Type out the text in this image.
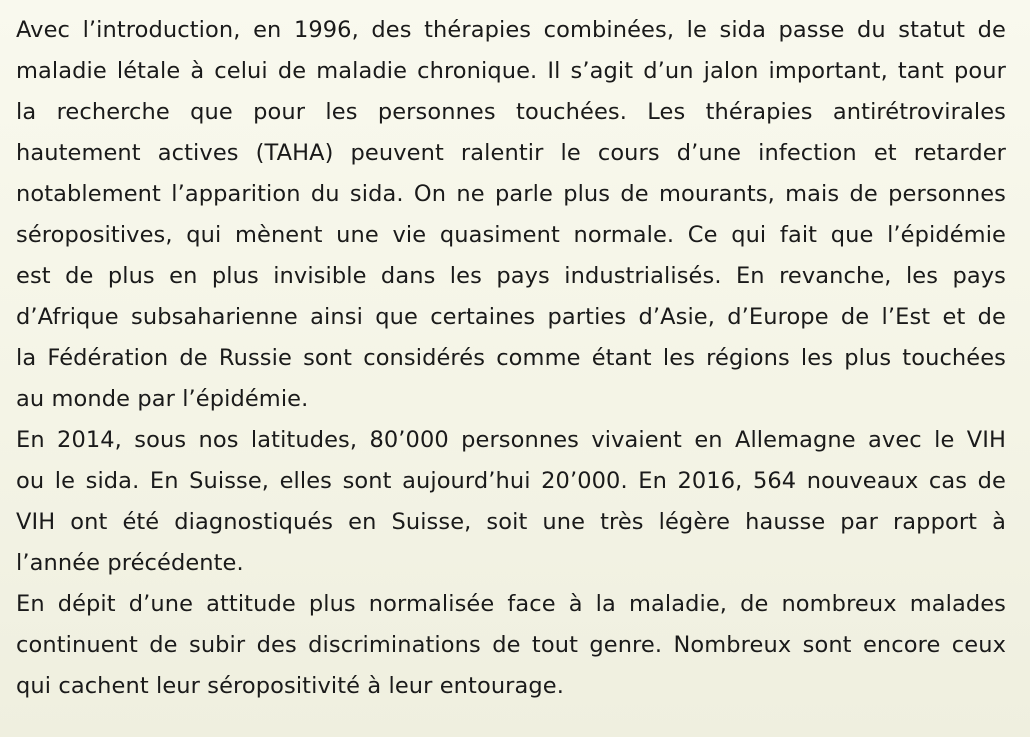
Avec l’introduction, en 1996, des thérapies combinées, le sida passe du statut de
maladie létale à celui de maladie chronique. Il s’agit d’un jalon important, tant pour
la recherche que pour les personnes touchées. Les thérapies antirétrovirales
hautement actives (TAHA) peuvent ralentir le cours d’une infection et retarder
notablement l’apparition du sida. On ne parle plus de mourants, mais de personnes
séropositives, qui mènent une vie quasiment normale. Ce qui fait que l’épidémie
est de plus en plus invisible dans les pays industrialisés. En revanche, les pays
d’Afrique subsaharienne ainsi que certaines parties d’Asie, d’Europe de l’Est et de
la Fédération de Russie sont considérés comme étant les régions les plus touchées
au monde par l’épidémie.
En 2014, sous nos latitudes, 80’000 personnes vivaient en Allemagne avec le VIH
ou le sida. En Suisse, elles sont aujourd’hui 20’000. En 2016, 564 nouveaux cas de
VIH ont été diagnostiqués en Suisse, soit une très légère hausse par rapport à
l’année précédente.
En dépit d’une attitude plus normalisée face à la maladie, de nombreux malades
continuent de subir des discriminations de tout genre. Nombreux sont encore ceux
qui cachent leur séropositivité à leur entourage.
